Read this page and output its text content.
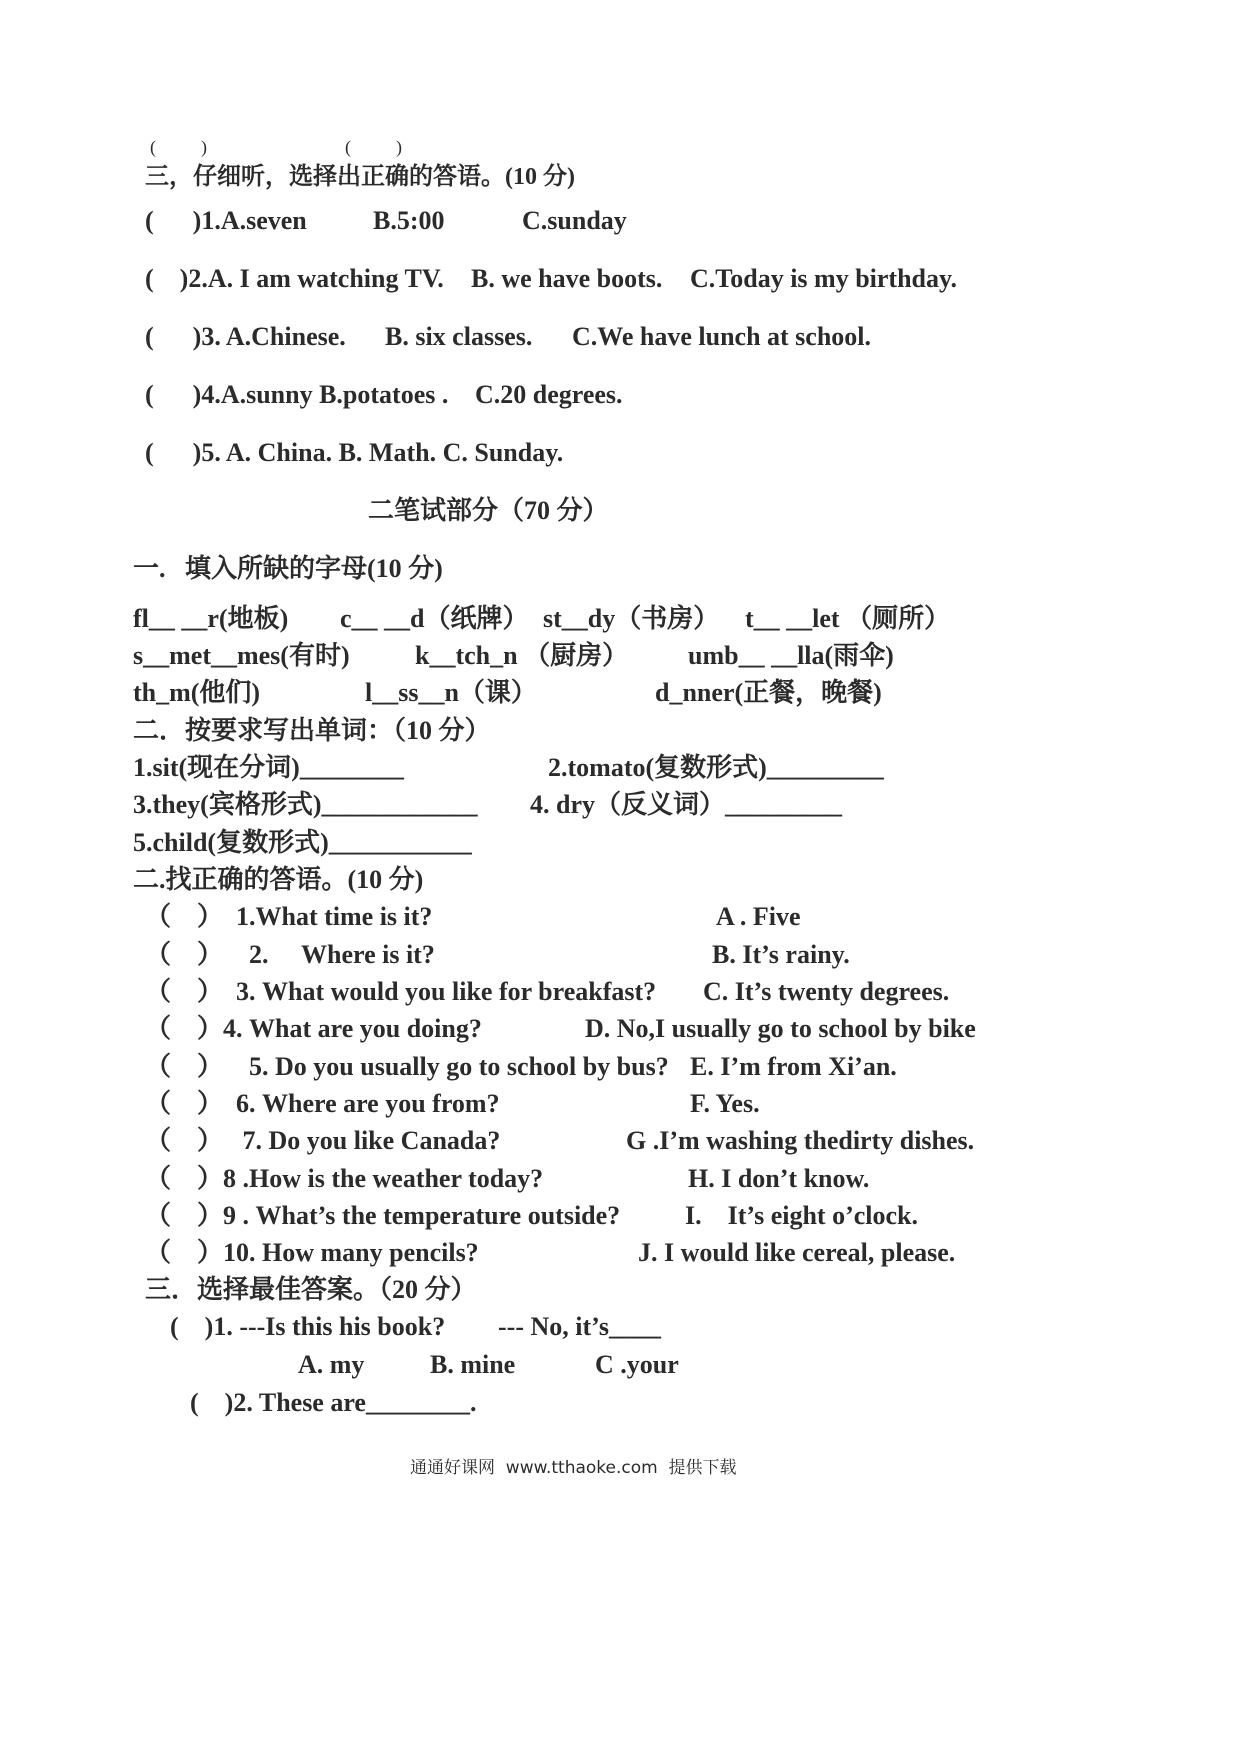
(          )	(          )
三，仔细听，选择出正确的答语。(10 分)
(      )1.A.seven	B.5:00	C.sunday
(    )2.A. I am watching TV. B. we have boots. C.Today is my birthday.
(      )3. A.Chinese. B. six classes. C.We have lunch at school.
(      )4.A.sunny B.potatoes . C.20 degrees.
(      )5. A. China. B. Math. C. Sunday.
二笔试部分（70 分）
一.   填入所缺的字母(10 分)
fl__ __r(地板) c__ __d（纸牌） st__dy（书房） t__ __let （厕所）
s__met__mes(有时)	k__tch_n （厨房） umb__ __lla(雨伞)
th_m(他们)	l__ss__n（课）	d_nner(正餐，晚餐)
二．按要求写出单词：（10 分）
1.sit(现在分词)________	2.tomato(复数形式)_________
3.they(宾格形式)____________ 4. dry（反义词）_________
5.child(复数形式)___________
二.找正确的答语。(10 分)
（    ）  1.What time is it?	A . Five
（    ）    2.     Where is it?	B. It’s rainy.
（    ）  3. What would you like for breakfast? C. It’s twenty degrees.
（    ）4. What are you doing?	D. No,I usually go to school by bike
（    ）    5. Do you usually go to school by bus? E. I’m from Xi’an.
（    ）  6. Where are you from?	F. Yes.
（    ）   7. Do you like Canada?	G .I’m washing thedirty dishes.
（    ）8 .How is the weather today?	H. I don’t know.
（    ）9 . What’s the temperature outside? I.    It’s eight o’clock.
（    ）10. How many pencils?	J. I would like cereal, please.
三．选择最佳答案。（20 分）
(    )1. ---Is this his book? --- No, it’s____
A. my	B. mine	C .your
(    )2. These are________.
通通好课网  www.tthaoke.com  提供下载
